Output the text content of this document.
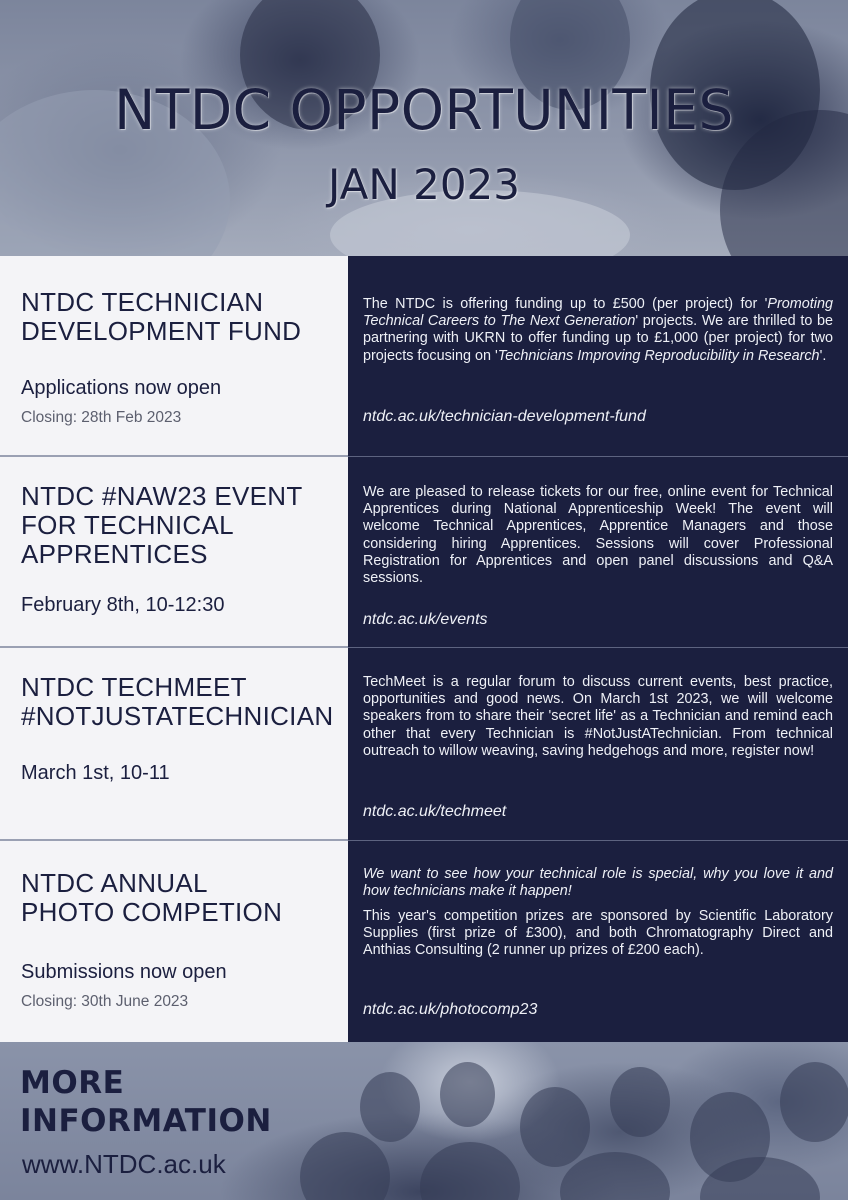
NTDC OPPORTUNITIES
JAN 2023
NTDC TECHNICIAN DEVELOPMENT FUND
Applications now open
Closing: 28th Feb 2023
The NTDC is offering funding up to £500 (per project) for 'Promoting Technical Careers to The Next Generation' projects. We are thrilled to be partnering with UKRN to offer funding up to £1,000 (per project) for two projects focusing on 'Technicians Improving Reproducibility in Research'.
ntdc.ac.uk/technician-development-fund
NTDC #NAW23 EVENT FOR TECHNICAL APPRENTICES
February 8th, 10-12:30
We are pleased to release tickets for our free, online event for Technical Apprentices during National Apprenticeship Week! The event will welcome Technical Apprentices, Apprentice Managers and those considering hiring Apprentices. Sessions will cover Professional Registration for Apprentices and open panel discussions and Q&A sessions.
ntdc.ac.uk/events
NTDC TECHMEET #NOTJUSTATECHNICIAN
March 1st, 10-11
TechMeet is a regular forum to discuss current events, best practice, opportunities and good news. On March 1st 2023, we will welcome speakers from to share their 'secret life' as a Technician and remind each other that every Technician is #NotJustATechnician. From technical outreach to willow weaving, saving hedgehogs and more, register now!
ntdc.ac.uk/techmeet
NTDC ANNUAL PHOTO COMPETION
Submissions now open
Closing: 30th June 2023
We want to see how your technical role is special, why you love it and how technicians make it happen!
This year's competition prizes are sponsored by Scientific Laboratory Supplies (first prize of £300), and both Chromatography Direct and Anthias Consulting (2 runner up prizes of £200 each).
ntdc.ac.uk/photocomp23
MORE INFORMATION
www.NTDC.ac.uk
